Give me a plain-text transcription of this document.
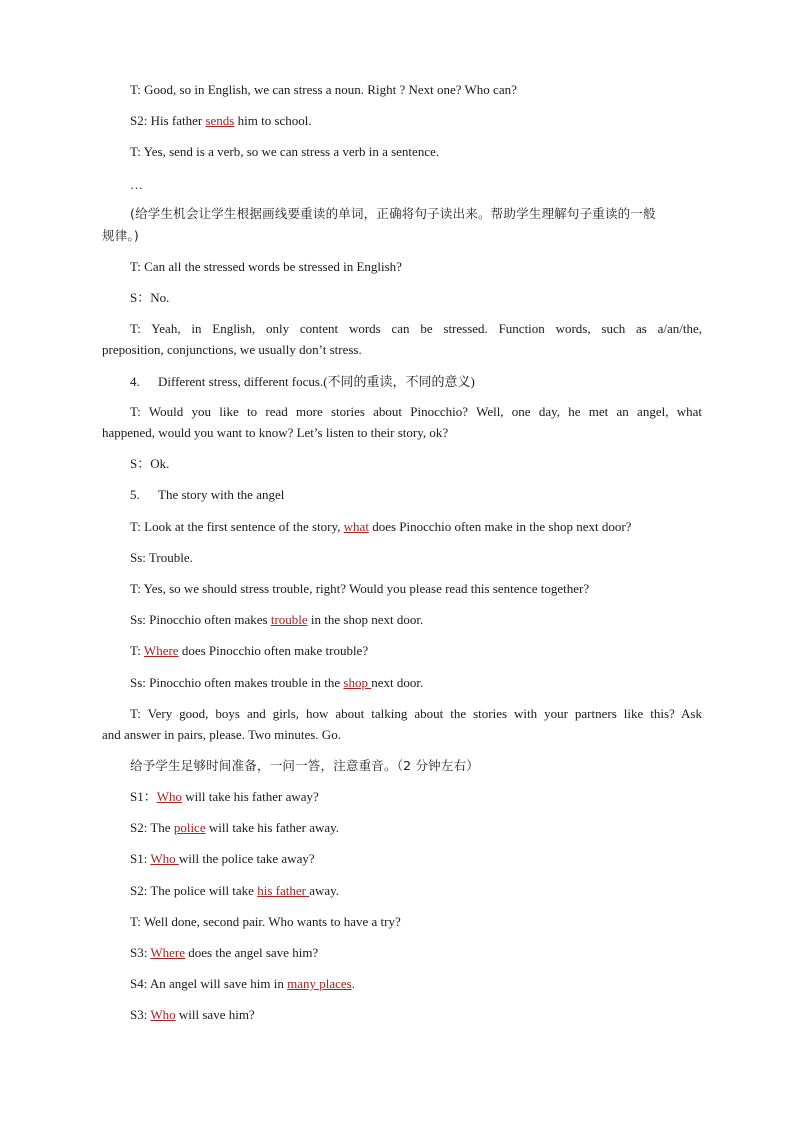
T: Good, so in English, we can stress a noun. Right ? Next one? Who can?
S2: His father sends him to school.
T: Yes, send is a verb, so we can stress a verb in a sentence.
…
(给学生机会让学生根据画线要重读的单词，正确将句子读出来。帮助学生理解句子重读的一般
规律。)
T: Can all the stressed words be stressed in English?
S：No.
T: Yeah, in English, only content words can be stressed. Function words, such as a/an/the,
preposition, conjunctions, we usually don’t stress.
4. Different stress, different focus.(不同的重读，不同的意义)
T: Would you like to read more stories about Pinocchio? Well, one day, he met an angel, what
happened, would you want to know? Let’s listen to their story, ok?
S：Ok.
5. The story with the angel
T: Look at the first sentence of the story, what does Pinocchio often make in the shop next door?
Ss: Trouble.
T: Yes, so we should stress trouble, right? Would you please read this sentence together?
Ss: Pinocchio often makes trouble in the shop next door.
T: Where does Pinocchio often make trouble?
Ss: Pinocchio often makes trouble in the shop next door.
T: Very good, boys and girls, how about talking about the stories with your partners like this? Ask
and answer in pairs, please. Two minutes. Go.
给予学生足够时间准备，一问一答，注意重音。（2 分钟左右）
S1：Who will take his father away?
S2: The police will take his father away.
S1: Who will the police take away?
S2: The police will take his father away.
T: Well done, second pair. Who wants to have a try?
S3: Where does the angel save him?
S4: An angel will save him in many places.
S3: Who will save him?
